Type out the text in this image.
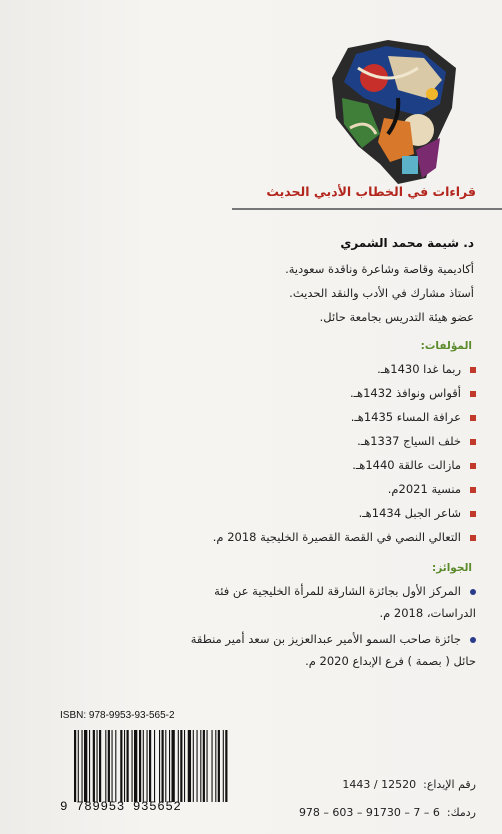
قراءات في الخطاب الأدبي الحديث
د. شيمة محمد الشمري
أكاديمية وقاصة وشاعرة وناقدة سعودية.
أستاذ مشارك في الأدب والنقد الحديث.
عضو هيئة التدريس بجامعة حائل.
المؤلفات:
ربما غدا 1430هـ.
أقواس ونوافذ 1432هـ.
عرافة المساء 1435هـ.
خلف السياج 1337هـ.
مازالت عالقة 1440هـ.
منسية 2021م.
شاعر الجبل 1434هـ.
التعالي النصي في القصة القصيرة الخليجية 2018 م.
الجوائز:
المركز الأول بجائزة الشارقة للمرأة الخليجية عن فئة
الدراسات، 2018 م.
جائزة صاحب السمو الأمير عبدالعزيز بن سعد أمير منطقة
حائل ( بصمة ) فرع الإبداع 2020 م.
ISBN: 978-9953-93-565-2
9 789953 935652
رقم الإيداع:  1443 / 12520
ردمك:  978 – 603 – 91730 – 7 – 6
